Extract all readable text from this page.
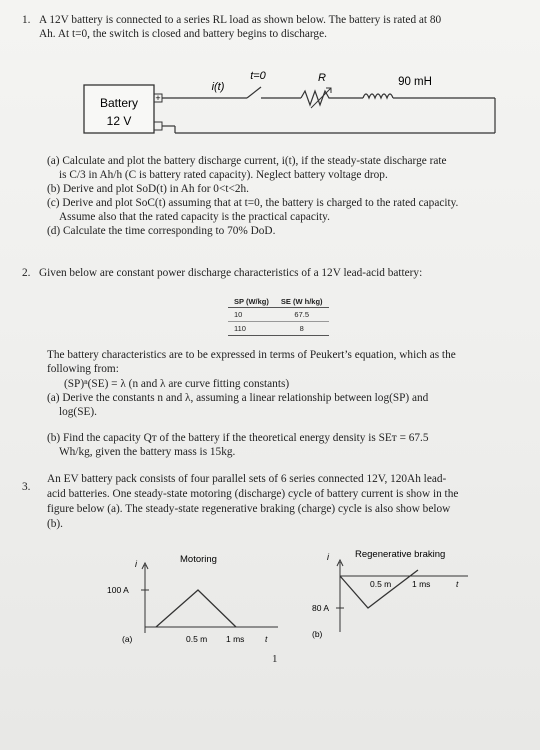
1. A 12V battery is connected to a series RL load as shown below. The battery is rated at 80
Ah. At t=0, the switch is closed and battery begins to discharge.
Battery
12 V
+
t=0
i(t)
R	90 mH
(a) Calculate and plot the battery discharge current, i(t), if the steady-state discharge rate
is C/3 in Ah/h (C is battery rated capacity). Neglect battery voltage drop.
(b) Derive and plot SoD(t) in Ah for 0<t<2h.
(c) Derive and plot SoC(t) assuming that at t=0, the battery is charged to the rated capacity.
Assume also that the rated capacity is the practical capacity.
(d) Calculate the time corresponding to 70% DoD.
2. Given below are constant power discharge characteristics of a 12V lead-acid battery:
SP (W/kg)	SE (W h/kg)
10	67.5
110	8
The battery characteristics are to be expressed in terms of Peukert’s equation, which as the
following from:
(SP)ⁿ(SE) = λ (n and λ are curve fitting constants)
(a) Derive the constants n and λ, assuming a linear relationship between log(SP) and
log(SE).
(b) Find the capacity Qᴛ of the battery if the theoretical energy density is SEᴛ = 67.5
Wh/kg, given the battery mass is 15kg.
3.
An EV battery pack consists of four parallel sets of 6 series connected 12V, 120Ah lead-
acid batteries. One steady-state motoring (discharge) cycle of battery current is show in the
figure below (a). The steady-state regenerative braking (charge) cycle is also show below
(b).
i	Motoring
100 A
0.5 m 1 ms t
(a)
i	Regenerative braking
0.5 m 1 ms	t
80 A
(b)
1
